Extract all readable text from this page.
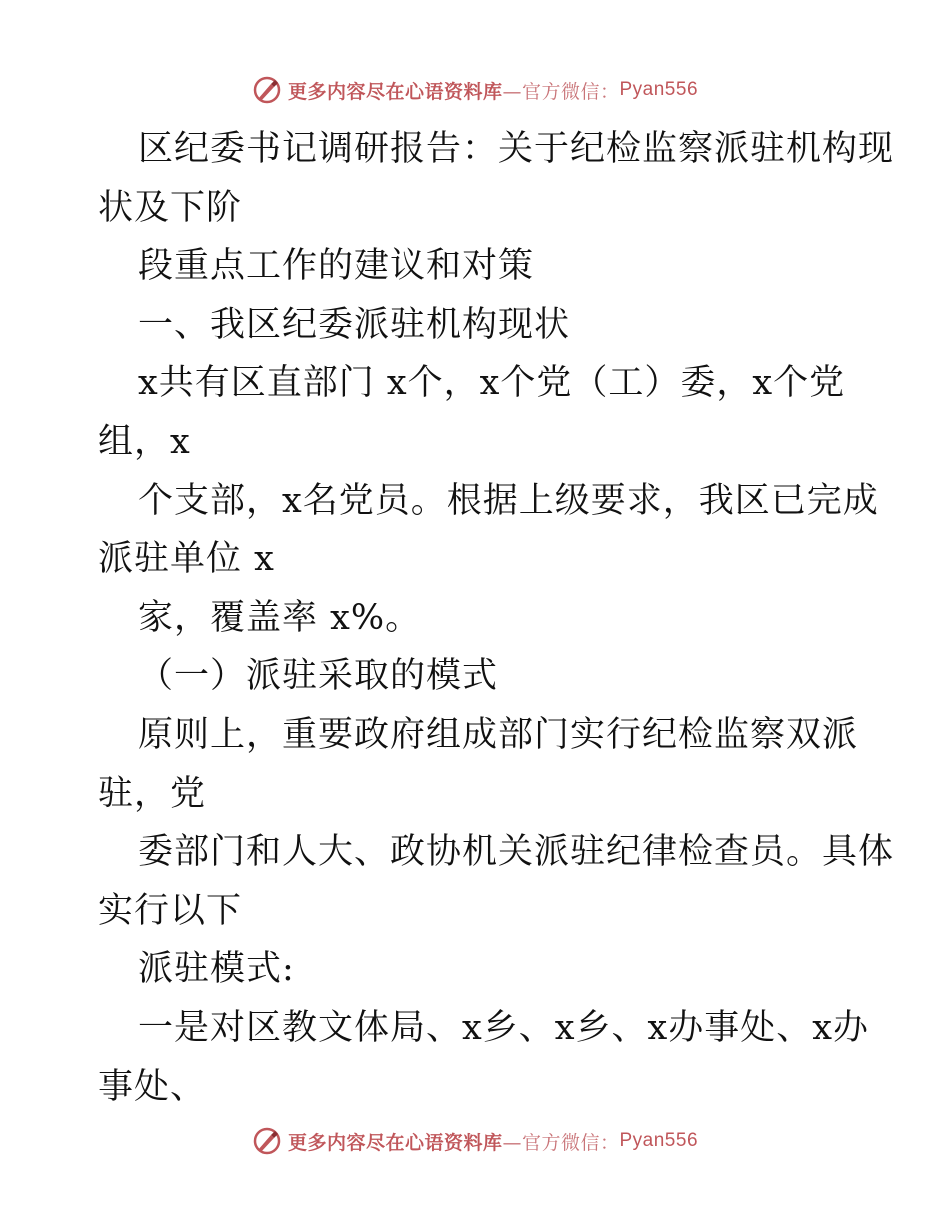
更多内容尽在心语资料库 —官方微信： Pyan556
区纪委书记调研报告：关于纪检监察派驻机构现
状及下阶
段重点工作的建议和对策
一、我区纪委派驻机构现状
x共有区直部门 x个，x个党（工）委，x个党
组，x
个支部，x名党员。根据上级要求，我区已完成
派驻单位 x
家，覆盖率 x%。
（一）派驻采取的模式
原则上，重要政府组成部门实行纪检监察双派
驻，党
委部门和人大、政协机关派驻纪律检查员。具体
实行以下
派驻模式:
一是对区教文体局、x乡、x乡、x办事处、x办
事处、
更多内容尽在心语资料库 —官方微信： Pyan556
